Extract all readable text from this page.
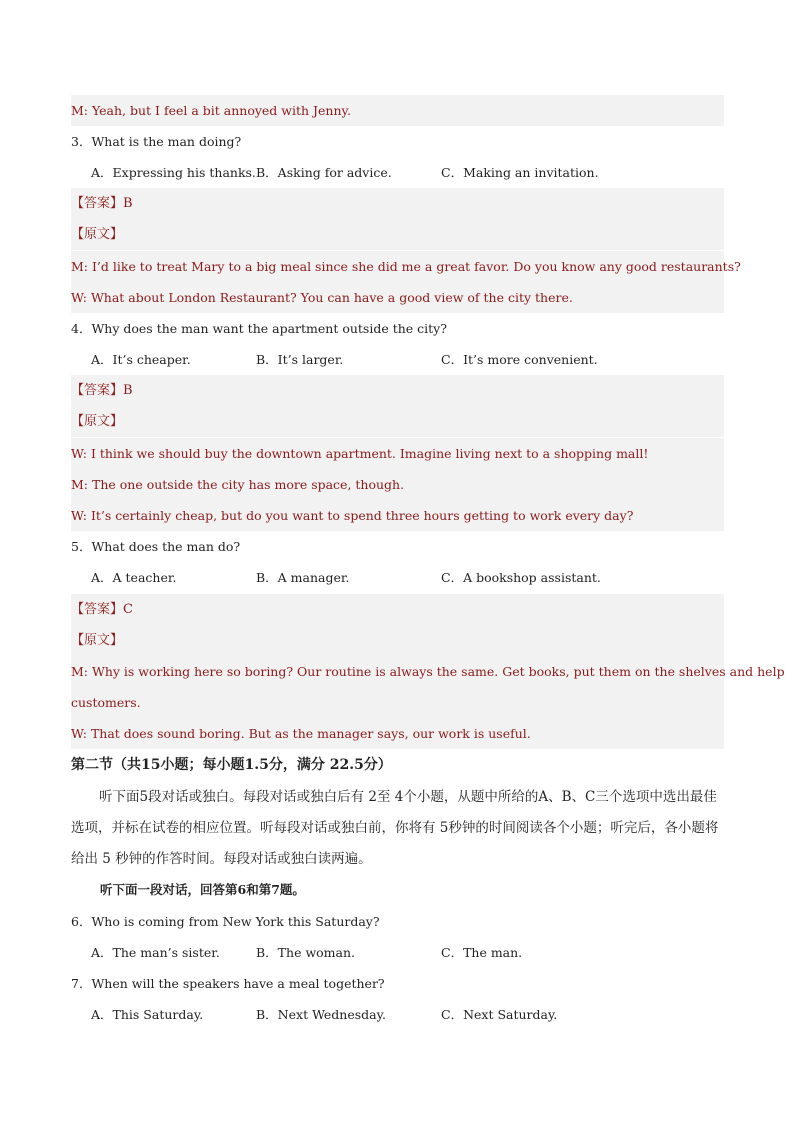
M: Yeah, but I feel a bit annoyed with Jenny.
3．What is the man doing?
A．Expressing his thanks. B．Asking for advice.	C．Making an invitation.
【答案】B
【原文】
M: I’d like to treat Mary to a big meal since she did me a great favor. Do you know any good restaurants?
W: What about London Restaurant? You can have a good view of the city there.
4．Why does the man want the apartment outside the city?
A．It’s cheaper.	B．It’s larger.	C．It’s more convenient.
【答案】B
【原文】
W: I think we should buy the downtown apartment. Imagine living next to a shopping mall!
M: The one outside the city has more space, though.
W: It’s certainly cheap, but do you want to spend three hours getting to work every day?
5．What does the man do?
A．A teacher.	B．A manager.	C．A bookshop assistant.
【答案】C
【原文】
M: Why is working here so boring? Our routine is always the same. Get books, put them on the shelves and help
customers.
W: That does sound boring. But as the manager says, our work is useful.
第二节（共15小题；每小题1.5分，满分 22.5分）
听下面5段对话或独白。每段对话或独白后有 2至 4个小题，从题中所给的A、B、C三个选项中选出最佳选项，并标在试卷的相应位置。听每段对话或独白前，你将有 5秒钟的时间阅读各个小题；听完后，各小题将给出 5 秒钟的作答时间。每段对话或独白读两遍。
听下面一段对话，回答第6和第7题。
6．Who is coming from New York this Saturday?
A．The man’s sister.	B．The woman.	C．The man.
7．When will the speakers have a meal together?
A．This Saturday.	B．Next Wednesday.	C．Next Saturday.
